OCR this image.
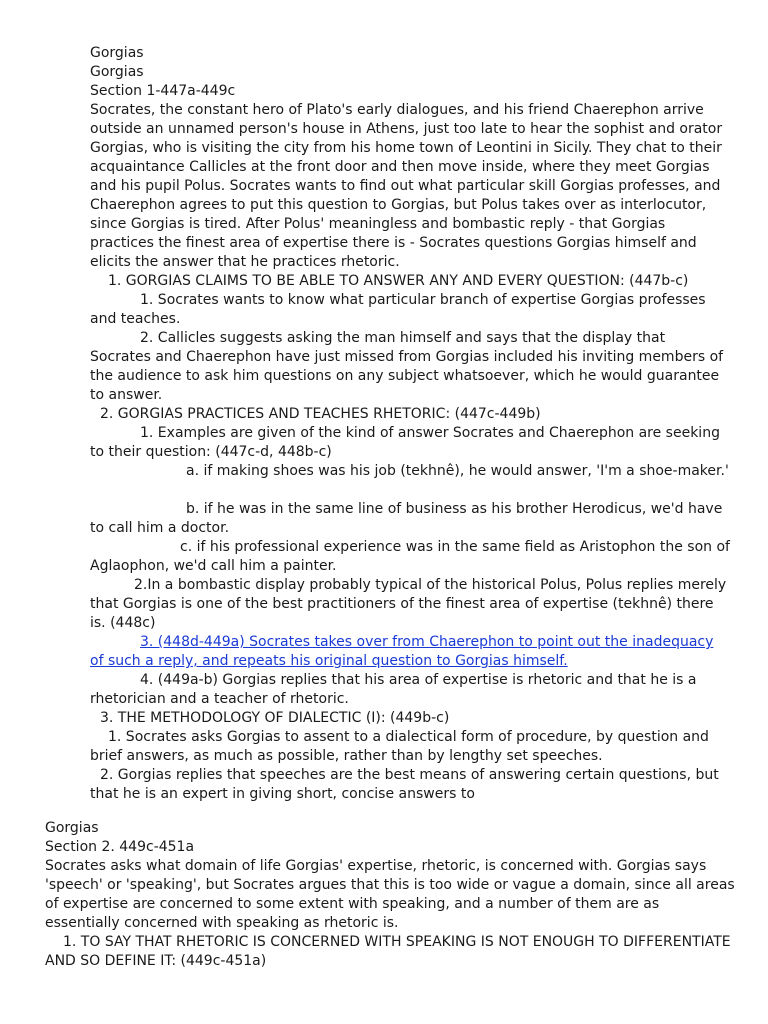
Gorgias

Gorgias

Section 1-447a-449c

Socrates, the constant hero of Plato's early dialogues, and his friend Chaerephon arrive outside an unnamed person's house in Athens, just too late to hear the sophist and orator Gorgias, who is visiting the city from his home town of Leontini in Sicily. They chat to their acquaintance Callicles at the front door and then move inside, where they meet Gorgias and his pupil Polus. Socrates wants to find out what particular skill Gorgias professes, and Chaerephon agrees to put this question to Gorgias, but Polus takes over as interlocutor, since Gorgias is tired. After Polus' meaningless and bombastic reply - that Gorgias practices the finest area of expertise there is - Socrates questions Gorgias himself and elicits the answer that he practices rhetoric.

1. GORGIAS CLAIMS TO BE ABLE TO ANSWER ANY AND EVERY QUESTION: (447b-c)

1. Socrates wants to know what particular branch of expertise Gorgias professes and teaches.

2. Callicles suggests asking the man himself and says that the display that Socrates and Chaerephon have just missed from Gorgias included his inviting members of the audience to ask him questions on any subject whatsoever, which he would guarantee to answer.

2. GORGIAS PRACTICES AND TEACHES RHETORIC: (447c-449b)

1. Examples are given of the kind of answer Socrates and Chaerephon are seeking to their question: (447c-d, 448b-c)

a. if making shoes was his job (tekhnê), he would answer, 'I'm a shoe-maker.'

b. if he was in the same line of business as his brother Herodicus, we'd have to call him a doctor.

c. if his professional experience was in the same field as Aristophon the son of Aglaophon, we'd call him a painter.

2.In a bombastic display probably typical of the historical Polus, Polus replies merely that Gorgias is one of the best practitioners of the finest area of expertise (tekhnê) there is. (448c)

3. (448d-449a) Socrates takes over from Chaerephon to point out the inadequacy of such a reply, and repeats his original question to Gorgias himself.

4. (449a-b) Gorgias replies that his area of expertise is rhetoric and that he is a rhetorician and a teacher of rhetoric.

3. THE METHODOLOGY OF DIALECTIC (I): (449b-c)

1. Socrates asks Gorgias to assent to a dialectical form of procedure, by question and brief answers, as much as possible, rather than by lengthy set speeches.

2. Gorgias replies that speeches are the best means of answering certain questions, but that he is an expert in giving short, concise answers to

Gorgias

Section 2. 449c-451a

Socrates asks what domain of life Gorgias' expertise, rhetoric, is concerned with. Gorgias says 'speech' or 'speaking', but Socrates argues that this is too wide or vague a domain, since all areas of expertise are concerned to some extent with speaking, and a number of them are as essentially concerned with speaking as rhetoric is.

1. TO SAY THAT RHETORIC IS CONCERNED WITH SPEAKING IS NOT ENOUGH TO DIFFERENTIATE AND SO DEFINE IT: (449c-451a)
